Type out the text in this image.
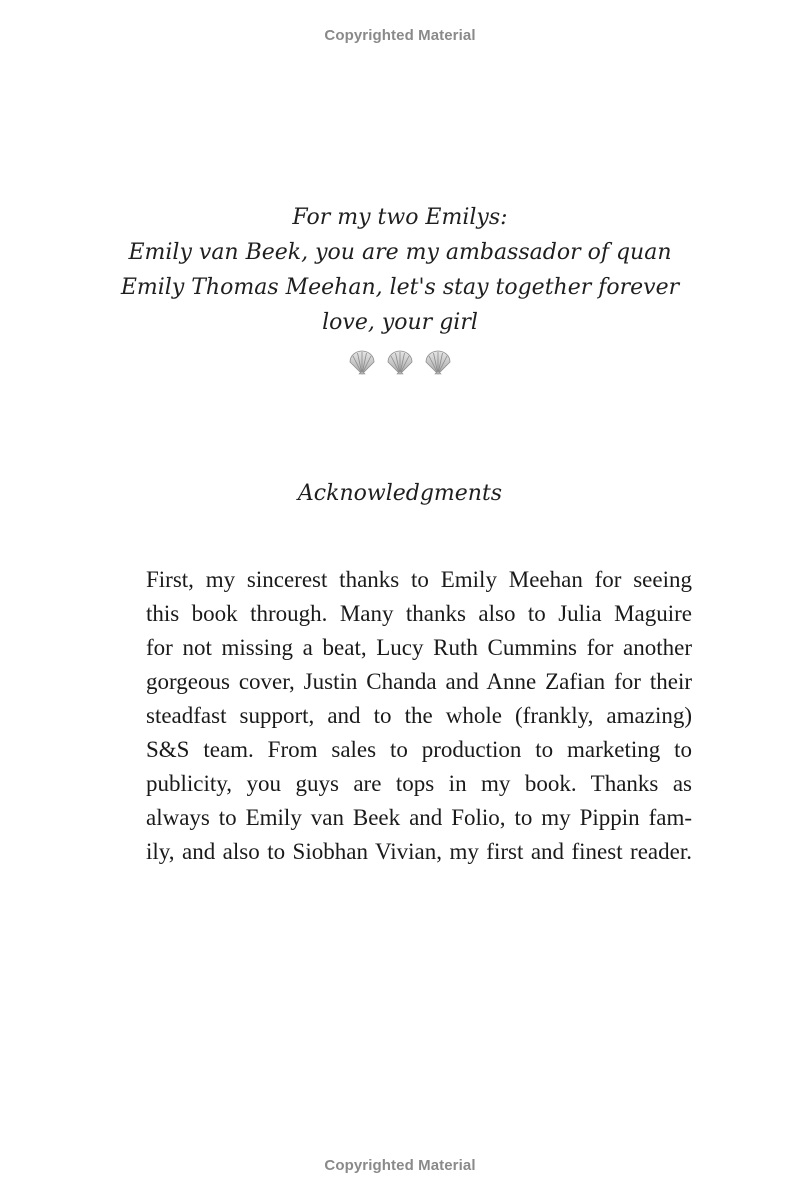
Copyrighted Material
For my two Emilys:
Emily van Beek, you are my ambassador of quan
Emily Thomas Meehan, let's stay together forever
love, your girl
Acknowledgments
First, my sincerest thanks to Emily Meehan for seeing
this book through. Many thanks also to Julia Maguire
for not missing a beat, Lucy Ruth Cummins for another
gorgeous cover, Justin Chanda and Anne Zafian for their
steadfast support, and to the whole (frankly, amazing)
S&S team. From sales to production to marketing to
publicity, you guys are tops in my book. Thanks as
always to Emily van Beek and Folio, to my Pippin fam-
ily, and also to Siobhan Vivian, my first and finest reader.
Copyrighted Material
